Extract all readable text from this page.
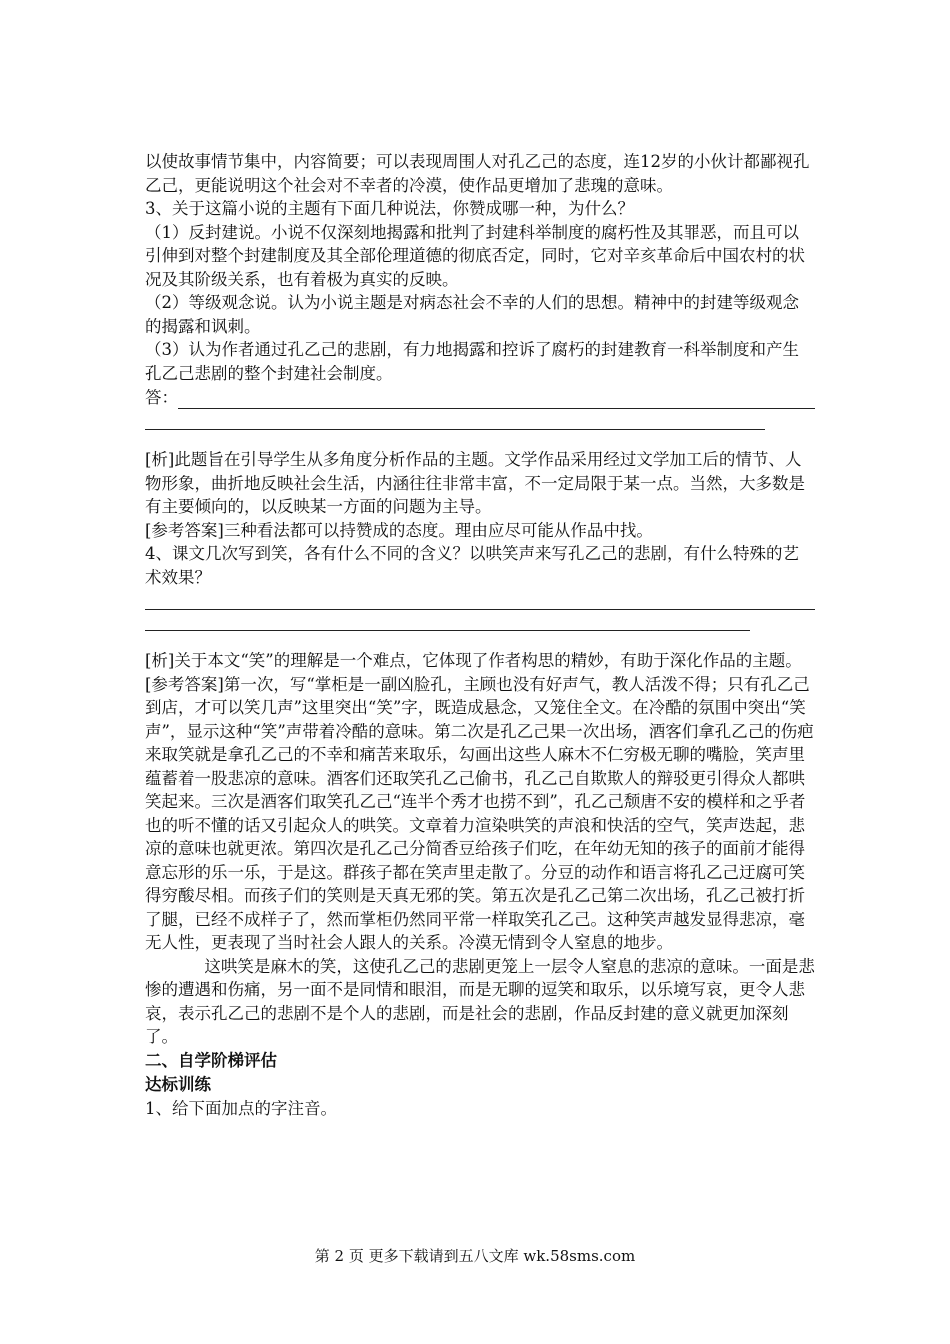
以使故事情节集中，内容简要；可以表现周围人对孔乙己的态度，连12岁的小伙计都鄙视孔乙己，更能说明这个社会对不幸者的冷漠，使作品更增加了悲瑰的意味。

3、关于这篇小说的主题有下面几种说法，你赞成哪一种，为什么？

（1）反封建说。小说不仅深刻地揭露和批判了封建科举制度的腐朽性及其罪恶，而且可以引伸到对整个封建制度及其全部伦理道德的彻底否定，同时，它对辛亥革命后中国农村的状况及其阶级关系，也有着极为真实的反映。

（2）等级观念说。认为小说主题是对病态社会不幸的人们的思想。精神中的封建等级观念的揭露和讽刺。

（3）认为作者通过孔乙己的悲剧，有力地揭露和控诉了腐朽的封建教育一科举制度和产生孔乙己悲剧的整个封建社会制度。

答：

[析]此题旨在引导学生从多角度分析作品的主题。文学作品采用经过文学加工后的情节、人物形象，曲折地反映社会生活，内涵往往非常丰富，不一定局限于某一点。当然，大多数是有主要倾向的，以反映某一方面的问题为主导。

[参考答案]三种看法都可以持赞成的态度。理由应尽可能从作品中找。

4、课文几次写到笑，各有什么不同的含义？以哄笑声来写孔乙己的悲剧，有什么特殊的艺术效果？

[析]关于本文“笑”的理解是一个难点，它体现了作者构思的精妙，有助于深化作品的主题。

[参考答案]第一次，写“掌柜是一副凶脸孔，主顾也没有好声气，教人活泼不得；只有孔乙己到店，才可以笑几声”这里突出“笑”字，既造成悬念，又笼住全文。在冷酷的氛围中突出“笑声”，显示这种“笑”声带着冷酷的意味。第二次是孔乙己果一次出场，酒客们拿孔乙己的伤疤来取笑就是拿孔乙己的不幸和痛苦来取乐，勾画出这些人麻木不仁穷极无聊的嘴脸，笑声里蕴蓄着一股悲凉的意味。酒客们还取笑孔乙己偷书，孔乙己自欺欺人的辩驳更引得众人都哄笑起来。三次是酒客们取笑孔乙己“连半个秀才也捞不到”，孔乙己颓唐不安的模样和之乎者也的听不懂的话又引起众人的哄笑。文章着力渲染哄笑的声浪和快活的空气，笑声迭起，悲凉的意味也就更浓。第四次是孔乙己分简香豆给孩子们吃，在年幼无知的孩子的面前才能得意忘形的乐一乐，于是这。群孩子都在笑声里走散了。分豆的动作和语言将孔乙己迂腐可笑得穷酸尽相。而孩子们的笑则是天真无邪的笑。第五次是孔乙己第二次出场，孔乙己被打折了腿，已经不成样子了，然而掌柜仍然同平常一样取笑孔乙己。这种笑声越发显得悲凉，毫无人性，更表现了当时社会人跟人的关系。冷漠无情到令人窒息的地步。

这哄笑是麻木的笑，这使孔乙己的悲剧更笼上一层令人窒息的悲凉的意味。一面是悲惨的遭遇和伤痛，另一面不是同情和眼泪，而是无聊的逗笑和取乐，以乐境写哀，更令人悲哀，表示孔乙己的悲剧不是个人的悲剧，而是社会的悲剧，作品反封建的意义就更加深刻了。

二、自学阶梯评估

达标训练

1、给下面加点的字注音。

第 2 页 更多下载请到五八文库 wk.58sms.com
